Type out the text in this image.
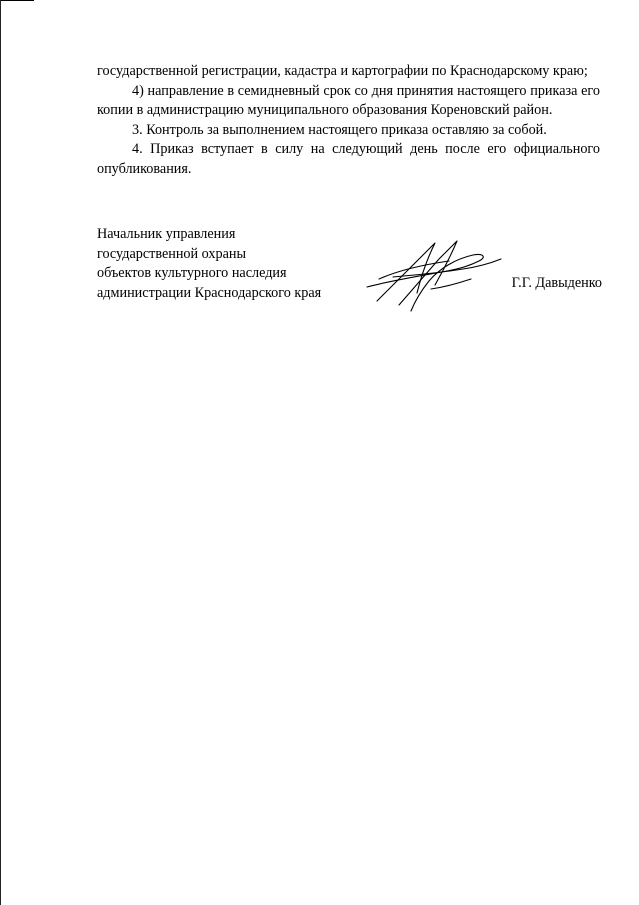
государственной регистрации, кадастра и картографии по Краснодарскому краю;

4) направление в семидневный срок со дня принятия настоящего приказа его копии в администрацию муниципального образования Кореновский район.

3. Контроль за выполнением настоящего приказа оставляю за собой.

4. Приказ вступает в силу на следующий день после его официального опубликования.

Начальник управления
государственной охраны
объектов культурного наследия
администрации Краснодарского края
Г.Г. Давыденко
